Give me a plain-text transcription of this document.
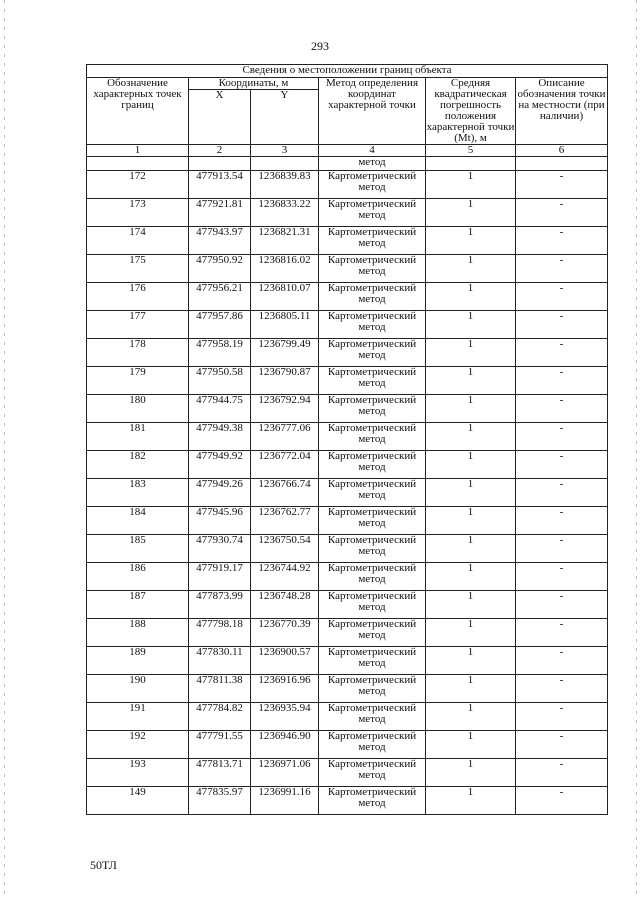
293
Сведения о местоположении границ объекта					
Обозначение характерных точек границ	Координаты, м		Метод определения координат характерной точки	Средняя квадратическая погрешность положения характерной точки (Mt), м	Описание обозначения точки на местности (при наличии)
	X	Y			
1	2	3	4	5	6
			метод		
172	477913.54	1236839.83	Картометрический метод	1	-
173	477921.81	1236833.22	Картометрический метод	1	-
174	477943.97	1236821.31	Картометрический метод	1	-
175	477950.92	1236816.02	Картометрический метод	1	-
176	477956.21	1236810.07	Картометрический метод	1	-
177	477957.86	1236805.11	Картометрический метод	1	-
178	477958.19	1236799.49	Картометрический метод	1	-
179	477950.58	1236790.87	Картометрический метод	1	-
180	477944.75	1236792.94	Картометрический метод	1	-
181	477949.38	1236777.06	Картометрический метод	1	-
182	477949.92	1236772.04	Картометрический метод	1	-
183	477949.26	1236766.74	Картометрический метод	1	-
184	477945.96	1236762.77	Картометрический метод	1	-
185	477930.74	1236750.54	Картометрический метод	1	-
186	477919.17	1236744.92	Картометрический метод	1	-
187	477873.99	1236748.28	Картометрический метод	1	-
188	477798.18	1236770.39	Картометрический метод	1	-
189	477830.11	1236900.57	Картометрический метод	1	-
190	477811.38	1236916.96	Картометрический метод	1	-
191	477784.82	1236935.94	Картометрический метод	1	-
192	477791.55	1236946.90	Картометрический метод	1	-
193	477813.71	1236971.06	Картометрический метод	1	-
149	477835.97	1236991.16	Картометрический метод	1	-
50ТЛ
